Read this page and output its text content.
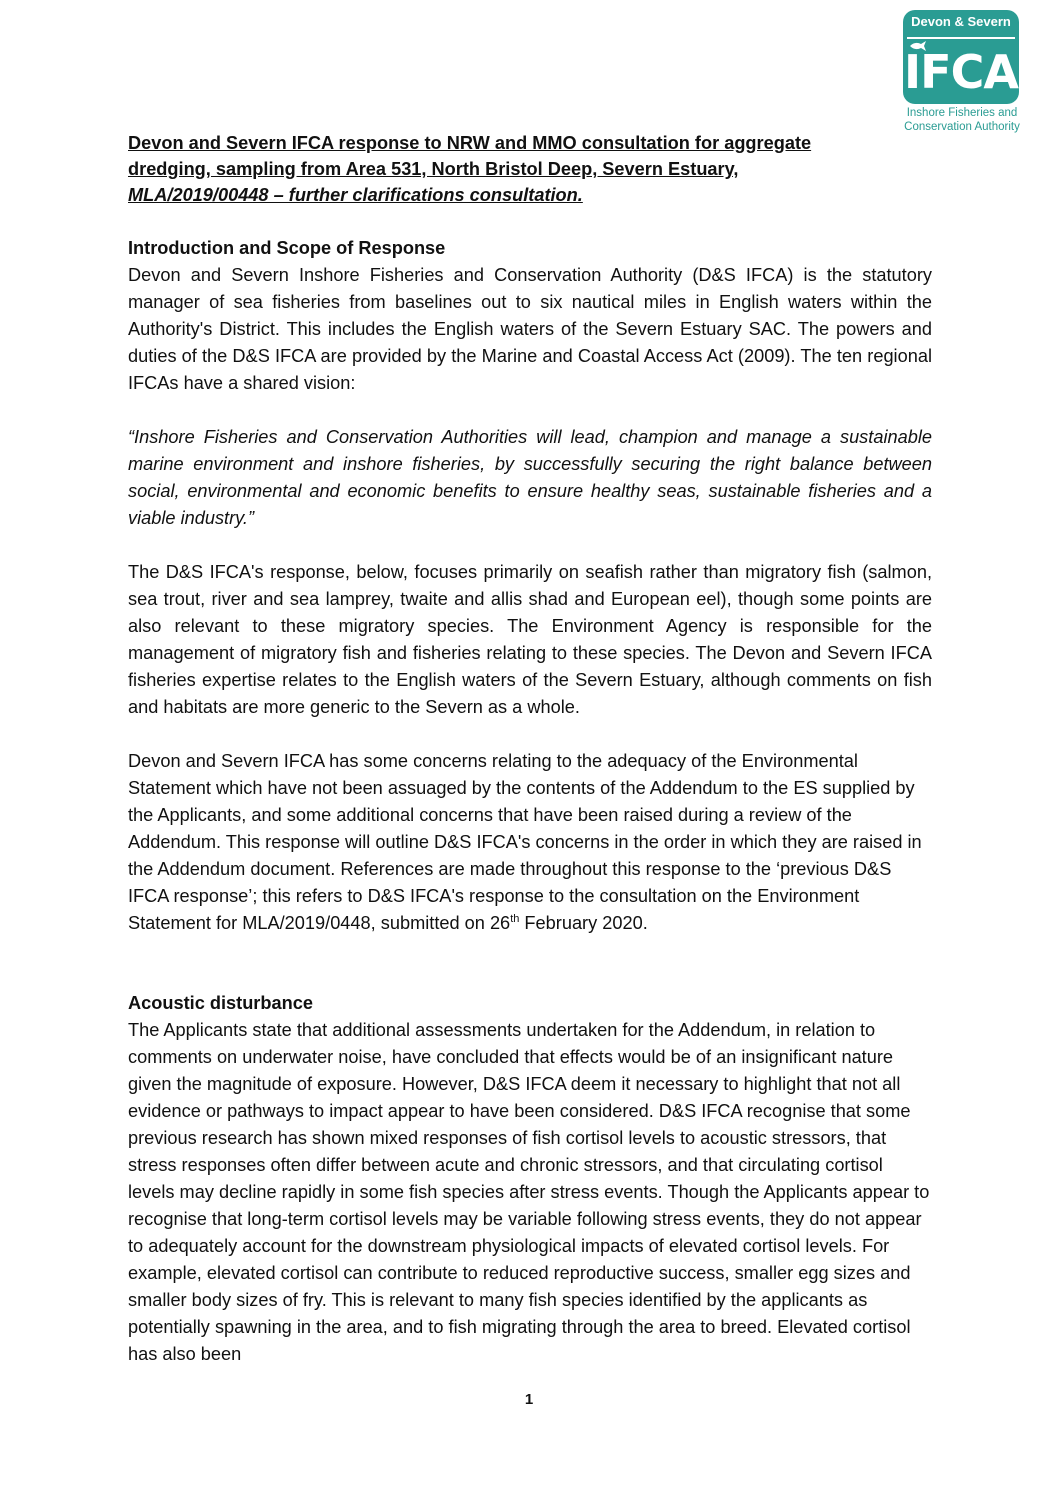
Devon & Severn
IFCA
Inshore Fisheries and
Conservation Authority
Devon and Severn IFCA response to NRW and MMO consultation for aggregate
dredging, sampling from Area 531, North Bristol Deep, Severn Estuary,
MLA/2019/00448 – further clarifications consultation.
Introduction and Scope of Response
Devon and Severn Inshore Fisheries and Conservation Authority (D&S IFCA) is the statutory manager of sea fisheries from baselines out to six nautical miles in English waters within the Authority's District. This includes the English waters of the Severn Estuary SAC. The powers and duties of the D&S IFCA are provided by the Marine and Coastal Access Act (2009). The ten regional IFCAs have a shared vision:
“Inshore Fisheries and Conservation Authorities will lead, champion and manage a sustainable marine environment and inshore fisheries, by successfully securing the right balance between social, environmental and economic benefits to ensure healthy seas, sustainable fisheries and a viable industry.”
The D&S IFCA's response, below, focuses primarily on seafish rather than migratory fish (salmon, sea trout, river and sea lamprey, twaite and allis shad and European eel), though some points are also relevant to these migratory species. The Environment Agency is responsible for the management of migratory fish and fisheries relating to these species. The Devon and Severn IFCA fisheries expertise relates to the English waters of the Severn Estuary, although comments on fish and habitats are more generic to the Severn as a whole.
Devon and Severn IFCA has some concerns relating to the adequacy of the Environmental Statement which have not been assuaged by the contents of the Addendum to the ES supplied by the Applicants, and some additional concerns that have been raised during a review of the Addendum. This response will outline D&S IFCA's concerns in the order in which they are raised in the Addendum document. References are made throughout this response to the ‘previous D&S IFCA response’; this refers to D&S IFCA's response to the consultation on the Environment Statement for MLA/2019/0448, submitted on 26th February 2020.
Acoustic disturbance
The Applicants state that additional assessments undertaken for the Addendum, in relation to comments on underwater noise, have concluded that effects would be of an insignificant nature given the magnitude of exposure. However, D&S IFCA deem it necessary to highlight that not all evidence or pathways to impact appear to have been considered. D&S IFCA recognise that some previous research has shown mixed responses of fish cortisol levels to acoustic stressors, that stress responses often differ between acute and chronic stressors, and that circulating cortisol levels may decline rapidly in some fish species after stress events. Though the Applicants appear to recognise that long-term cortisol levels may be variable following stress events, they do not appear to adequately account for the downstream physiological impacts of elevated cortisol levels. For example, elevated cortisol can contribute to reduced reproductive success, smaller egg sizes and smaller body sizes of fry. This is relevant to many fish species identified by the applicants as potentially spawning in the area, and to fish migrating through the area to breed. Elevated cortisol has also been
1
